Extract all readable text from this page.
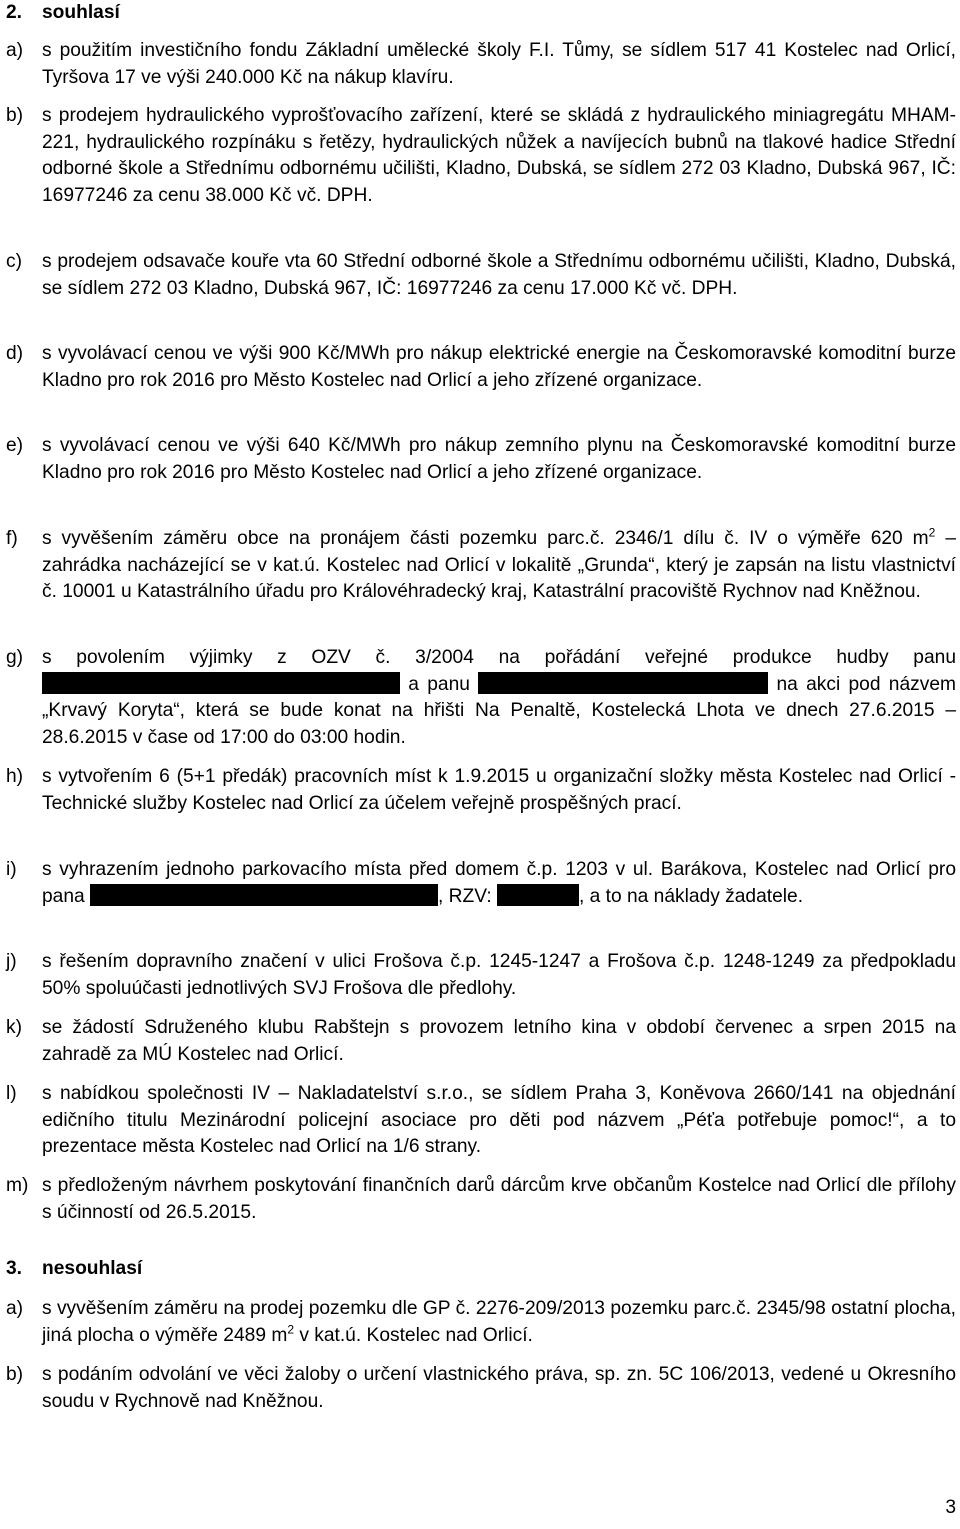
2. souhlasí
a) s použitím investičního fondu Základní umělecké školy F.I. Tůmy, se sídlem 517 41 Kostelec nad Orlicí, Tyršova 17 ve výši 240.000 Kč na nákup klavíru.
b) s prodejem hydraulického vyprošťovacího zařízení, které se skládá z hydraulického miniagregátu MHAM-221, hydraulického rozpínáku s řetězy, hydraulických nůžek a navíjecích bubnů na tlakové hadice Střední odborné škole a Střednímu odbornému učilišti, Kladno, Dubská, se sídlem 272 03 Kladno, Dubská 967, IČ: 16977246 za cenu 38.000 Kč vč. DPH.
c) s prodejem odsavače kouře vta 60 Střední odborné škole a Střednímu odbornému učilišti, Kladno, Dubská, se sídlem 272 03 Kladno, Dubská 967, IČ: 16977246 za cenu 17.000 Kč vč. DPH.
d) s vyvolávací cenou ve výši 900 Kč/MWh pro nákup elektrické energie na Českomoravské komoditní burze Kladno pro rok 2016 pro Město Kostelec nad Orlicí a jeho zřízené organizace.
e) s vyvolávací cenou ve výši 640 Kč/MWh pro nákup zemního plynu na Českomoravské komoditní burze Kladno pro rok 2016 pro Město Kostelec nad Orlicí a jeho zřízené organizace.
f) s vyvěšením záměru obce na pronájem části pozemku parc.č. 2346/1 dílu č. IV o výměře 620 $m^2$ – zahrádka nacházející se v kat.ú. Kostelec nad Orlicí v lokalitě „Grunda“, který je zapsán na listu vlastnictví č. 10001 u Katastrálního úřadu pro Královéhradecký kraj, Katastrální pracoviště Rychnov nad Kněžnou.
g) s povolením výjimky z OZV č. 3/2004 na pořádání veřejné produkce hudby panu  a panu	na akci pod názvem „Krvavý Koryta“, která se bude konat na hřišti Na Penaltě, Kostelecká Lhota ve dnech 27.6.2015 – 28.6.2015 v čase od 17:00 do 03:00 hodin.
h) s vytvořením 6 (5+1 předák) pracovních míst k 1.9.2015 u organizační složky města Kostelec nad Orlicí - Technické služby Kostelec nad Orlicí za účelem veřejně prospěšných prací.
i) s vyhrazením jednoho parkovacího místa před domem č.p. 1203 v ul. Barákova, Kostelec nad Orlicí pro pana	, RZV:	, a to na náklady žadatele.
j) s řešením dopravního značení v ulici Frošova č.p. 1245-1247 a Frošova č.p. 1248-1249 za předpokladu 50% spoluúčasti jednotlivých SVJ Frošova dle předlohy.
k) se žádostí Sdruženého klubu Rabštejn s provozem letního kina v období červenec a srpen 2015 na zahradě za MÚ Kostelec nad Orlicí.
l) s nabídkou společnosti IV – Nakladatelství s.r.o., se sídlem Praha 3, Koněvova 2660/141 na objednání edičního titulu Mezinárodní policejní asociace pro děti pod názvem „Péťa potřebuje pomoc!“, a to prezentace města Kostelec nad Orlicí na 1/6 strany.
m) s předloženým návrhem poskytování finančních darů dárcům krve občanům Kostelce nad Orlicí dle přílohy s účinností od 26.5.2015.
3. nesouhlasí
a) s vyvěšením záměru na prodej pozemku dle GP č. 2276-209/2013 pozemku parc.č. 2345/98 ostatní plocha, jiná plocha o výměře 2489 $m^2$ v kat.ú. Kostelec nad Orlicí.
b) s podáním odvolání ve věci žaloby o určení vlastnického práva, sp. zn. 5C 106/2013, vedené u Okresního soudu v Rychnově nad Kněžnou.
3
